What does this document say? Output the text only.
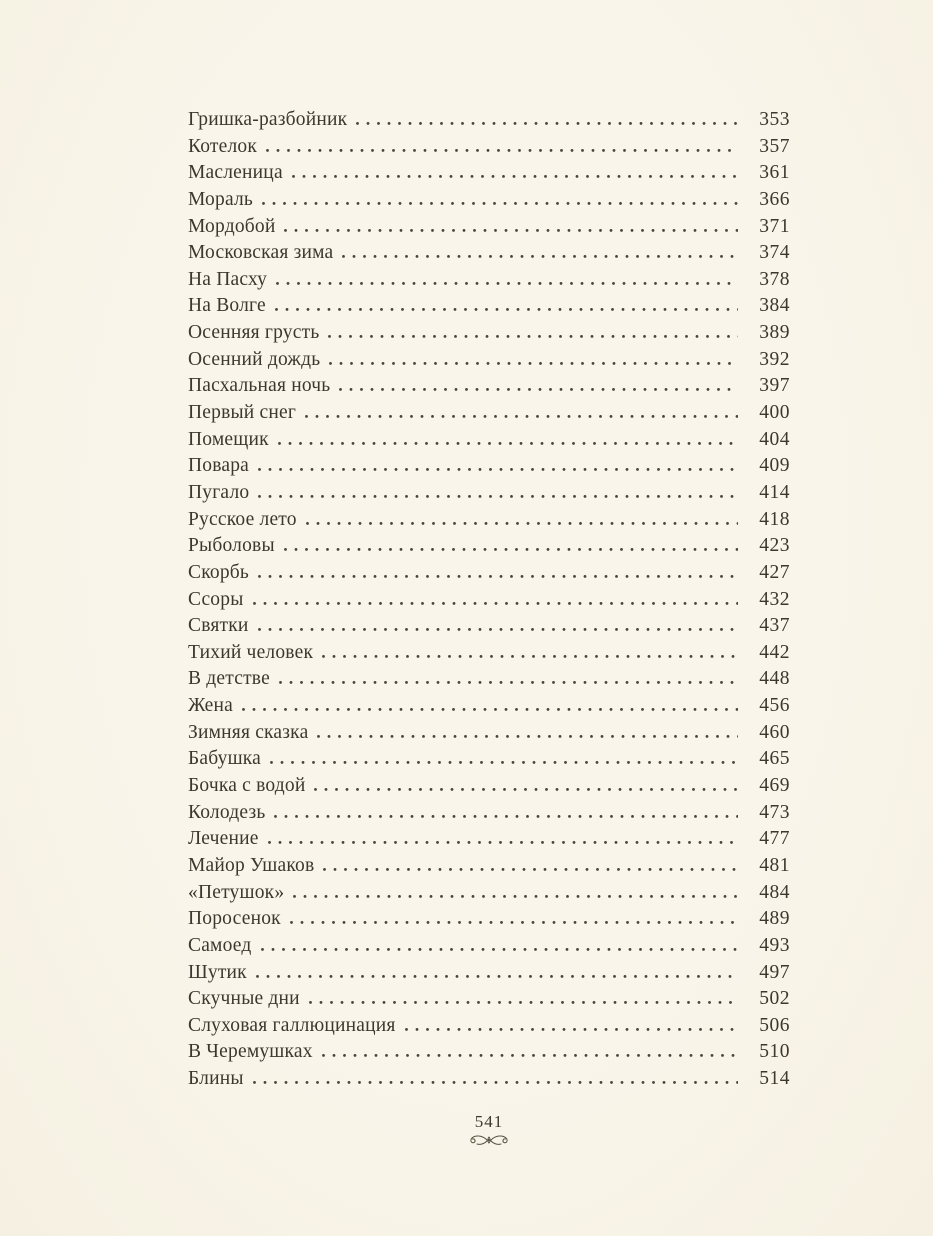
Гришка-разбойник	353
Котелок	357
Масленица	361
Мораль	366
Мордобой	371
Московская зима	374
На Пасху	378
На Волге	384
Осенняя грусть	389
Осенний дождь	392
Пасхальная ночь	397
Первый снег	400
Помещик	404
Повара	409
Пугало	414
Русское лето	418
Рыболовы	423
Скорбь	427
Ссоры	432
Святки	437
Тихий человек	442
В детстве	448
Жена	456
Зимняя сказка	460
Бабушка	465
Бочка с водой	469
Колодезь	473
Лечение	477
Майор Ушаков	481
«Петушок»	484
Поросенок	489
Самоед	493
Шутик	497
Скучные дни	502
Слуховая галлюцинация	506
В Черемушках	510
Блины	514
541
